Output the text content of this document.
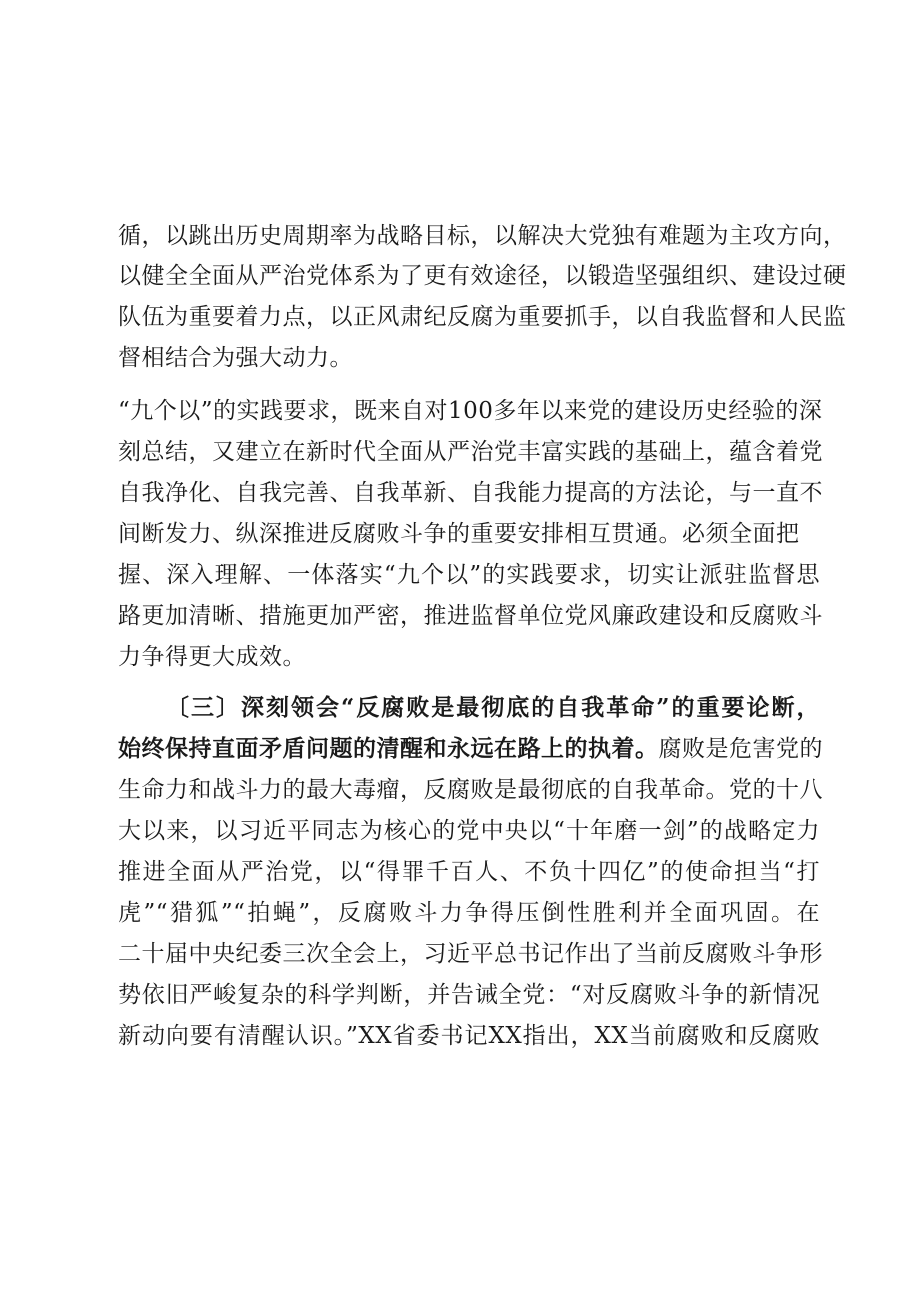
循，以跳出历史周期率为战略目标，以解决大党独有难题为主攻方向，
以健全全面从严治党体系为了更有效途径，以锻造坚强组织、建设过硬
队伍为重要着力点，以正风肃纪反腐为重要抓手，以自我监督和人民监
督相结合为强大动力。
“九个以”的实践要求，既来自对100多年以来党的建设历史经验的深
刻总结，又建立在新时代全面从严治党丰富实践的基础上，蕴含着党
自我净化、自我完善、自我革新、自我能力提高的方法论，与一直不
间断发力、纵深推进反腐败斗争的重要安排相互贯通。必须全面把
握、深入理解、一体落实“九个以”的实践要求，切实让派驻监督思
路更加清晰、措施更加严密，推进监督单位党风廉政建设和反腐败斗
力争得更大成效。
〔三〕深刻领会“反腐败是最彻底的自我革命”的重要论断，
始终保持直面矛盾问题的清醒和永远在路上的执着。腐败是危害党的
生命力和战斗力的最大毒瘤，反腐败是最彻底的自我革命。党的十八
大以来，以习近平同志为核心的党中央以“十年磨一剑”的战略定力
推进全面从严治党，以“得罪千百人、不负十四亿”的使命担当“打
虎”“猎狐”“拍蝇”，反腐败斗力争得压倒性胜利并全面巩固。在
二十届中央纪委三次全会上，习近平总书记作出了当前反腐败斗争形
势依旧严峻复杂的科学判断，并告诫全党：“对反腐败斗争的新情况
新动向要有清醒认识。”XX省委书记XX指出，XX当前腐败和反腐败
